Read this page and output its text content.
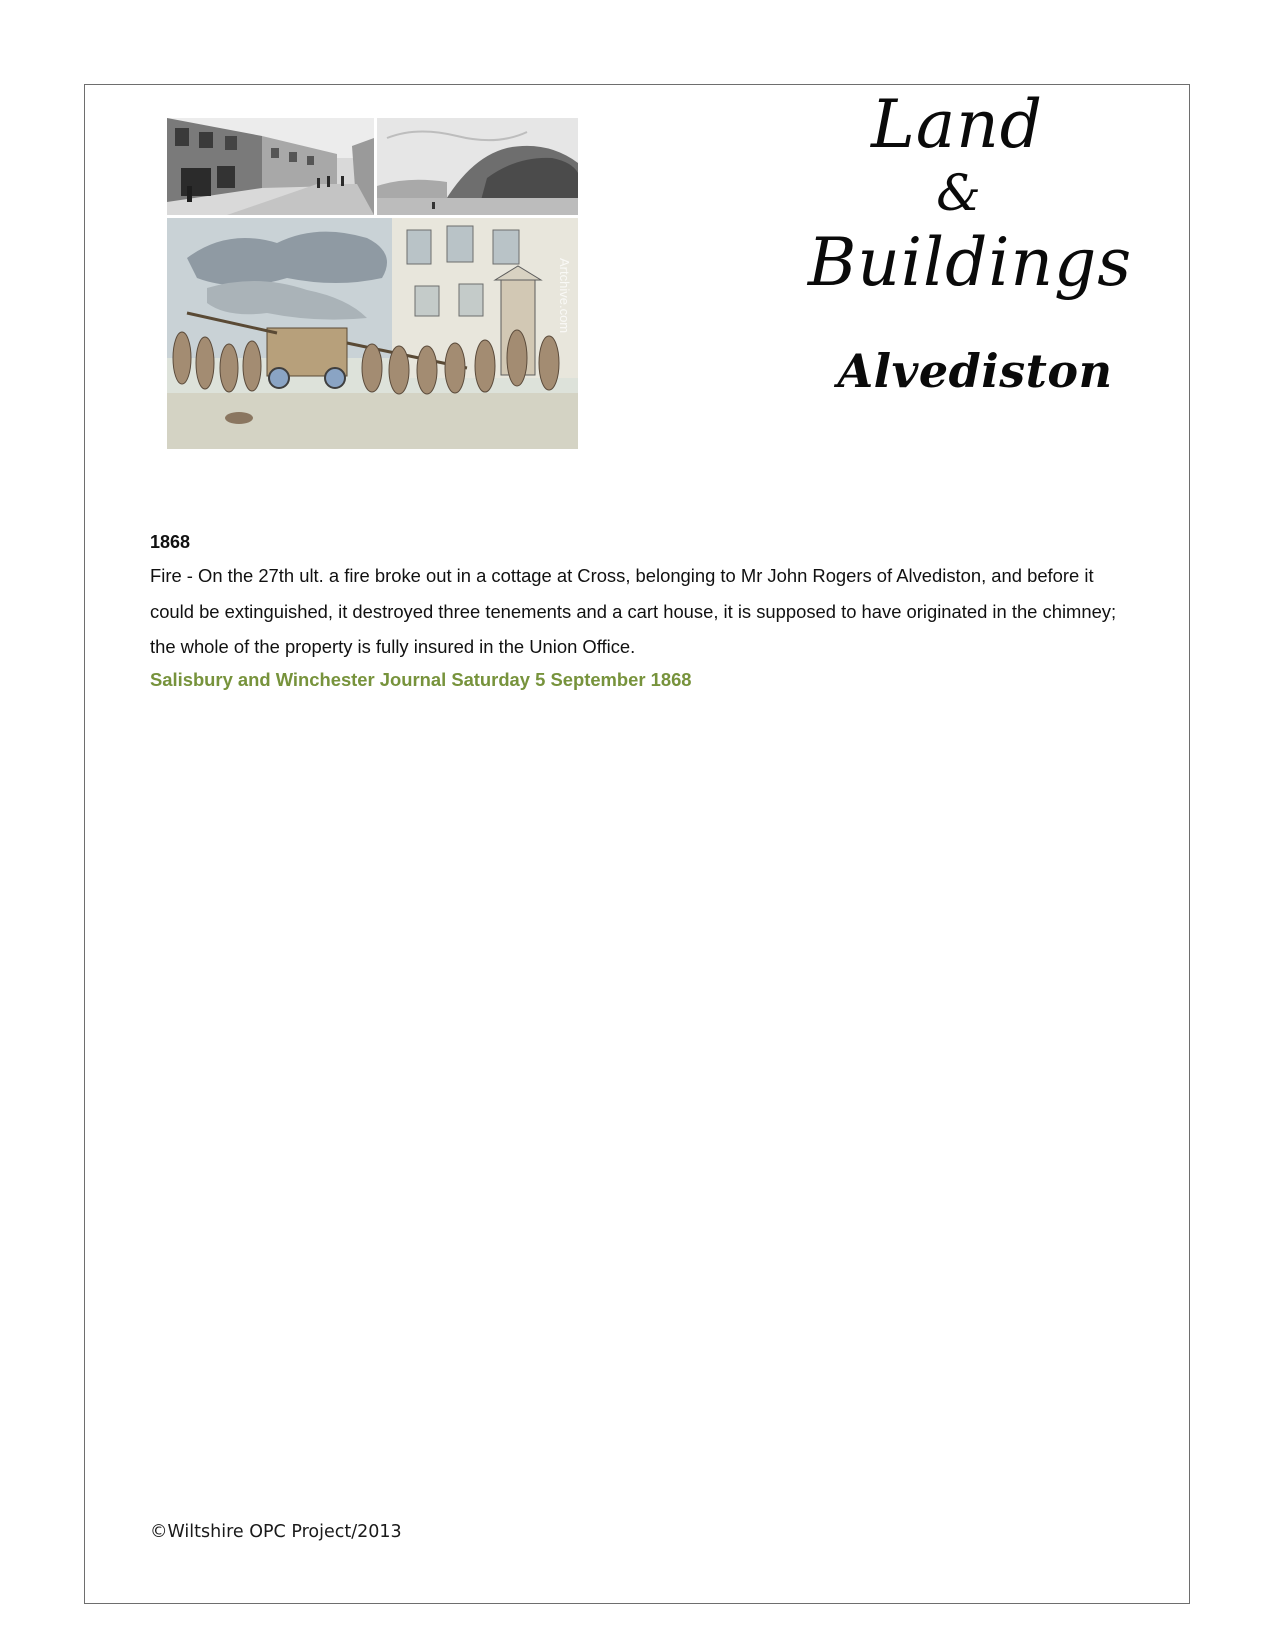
Artchive.com
Land
&
Buildings
Alvediston

1868

Fire - On the 27th ult. a fire broke out in a cottage at Cross, belonging to Mr John Rogers of Alvediston, and before it could be extinguished, it destroyed three tenements and a cart house, it is supposed to have originated in the chimney; the whole of the property is fully insured in the Union Office.

Salisbury and Winchester Journal Saturday 5 September 1868

©Wiltshire OPC Project/2013
